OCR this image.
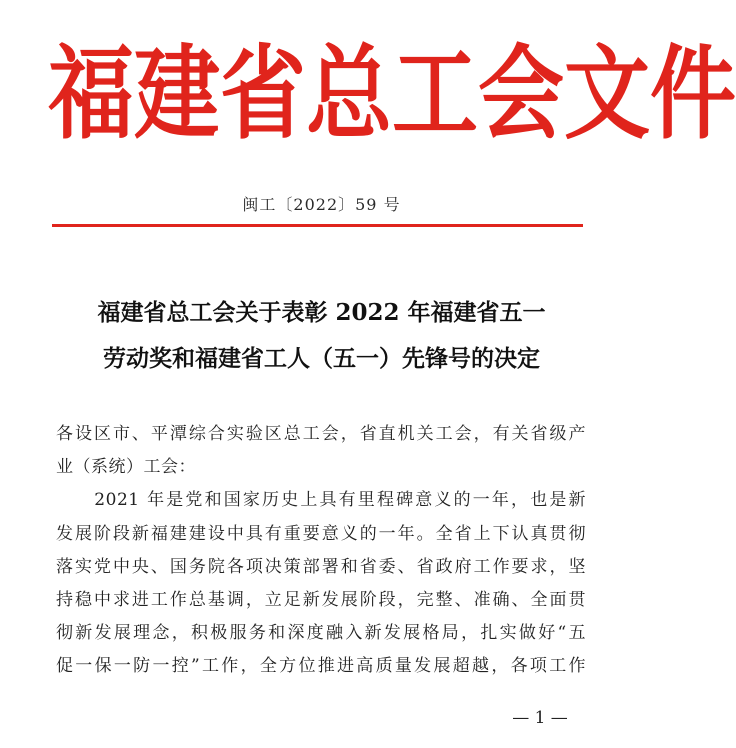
福 建 省 总 工 会 文 件
闽工〔2022〕59 号
福建省总工会关于表彰 2022 年福建省五一
劳动奖和福建省工人（五一）先锋号的决定
各设区市、平潭综合实验区总工会，省直机关工会，有关省级产
业（系统）工会：
　　2021 年是党和国家历史上具有里程碑意义的一年，也是新
发展阶段新福建建设中具有重要意义的一年。全省上下认真贯彻
落实党中央、国务院各项决策部署和省委、省政府工作要求，坚
持稳中求进工作总基调，立足新发展阶段，完整、准确、全面贯
彻新发展理念，积极服务和深度融入新发展格局，扎实做好“五
促一保一防一控”工作，全方位推进高质量发展超越，各项工作
— 1 —
